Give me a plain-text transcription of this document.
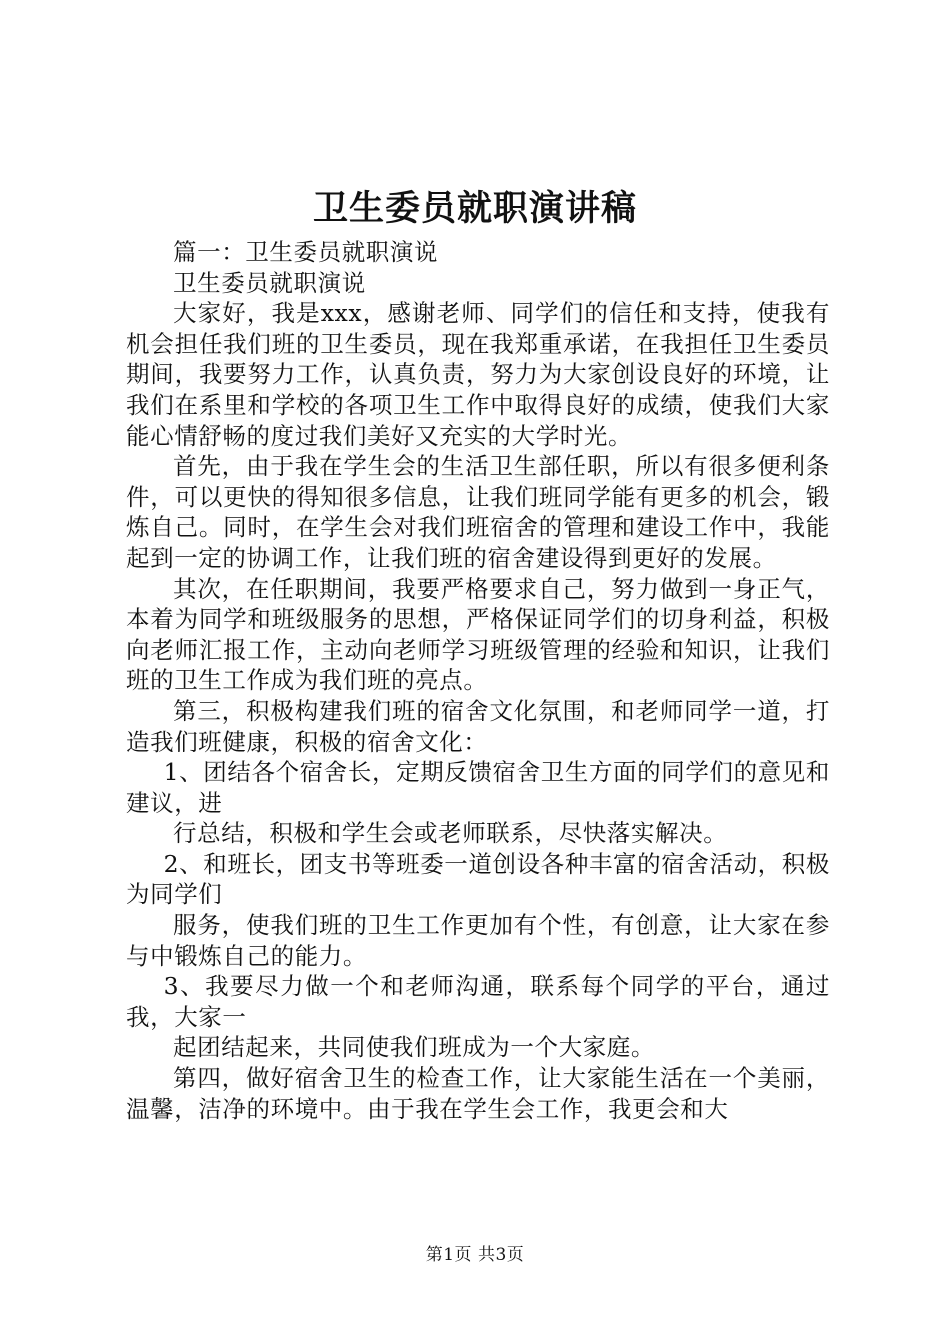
卫生委员就职演讲稿

篇一：卫生委员就职演说

卫生委员就职演说

大家好，我是xxx，感谢老师、同学们的信任和支持，使我有机会担任我们班的卫生委员，现在我郑重承诺，在我担任卫生委员期间，我要努力工作，认真负责，努力为大家创设良好的环境，让我们在系里和学校的各项卫生工作中取得良好的成绩，使我们大家能心情舒畅的度过我们美好又充实的大学时光。

首先，由于我在学生会的生活卫生部任职，所以有很多便利条件，可以更快的得知很多信息，让我们班同学能有更多的机会，锻炼自己。同时，在学生会对我们班宿舍的管理和建设工作中，我能起到一定的协调工作，让我们班的宿舍建设得到更好的发展。

其次，在任职期间，我要严格要求自己，努力做到一身正气，本着为同学和班级服务的思想，严格保证同学们的切身利益，积极向老师汇报工作，主动向老师学习班级管理的经验和知识，让我们班的卫生工作成为我们班的亮点。

第三，积极构建我们班的宿舍文化氛围，和老师同学一道，打造我们班健康，积极的宿舍文化：

1、团结各个宿舍长，定期反馈宿舍卫生方面的同学们的意见和建议，进

行总结，积极和学生会或老师联系，尽快落实解决。

2、和班长，团支书等班委一道创设各种丰富的宿舍活动，积极为同学们

服务，使我们班的卫生工作更加有个性，有创意，让大家在参与中锻炼自己的能力。

3、我要尽力做一个和老师沟通，联系每个同学的平台，通过我，大家一

起团结起来，共同使我们班成为一个大家庭。

第四，做好宿舍卫生的检查工作，让大家能生活在一个美丽，温馨，洁净的环境中。由于我在学生会工作，我更会和大

第1页 共3页
